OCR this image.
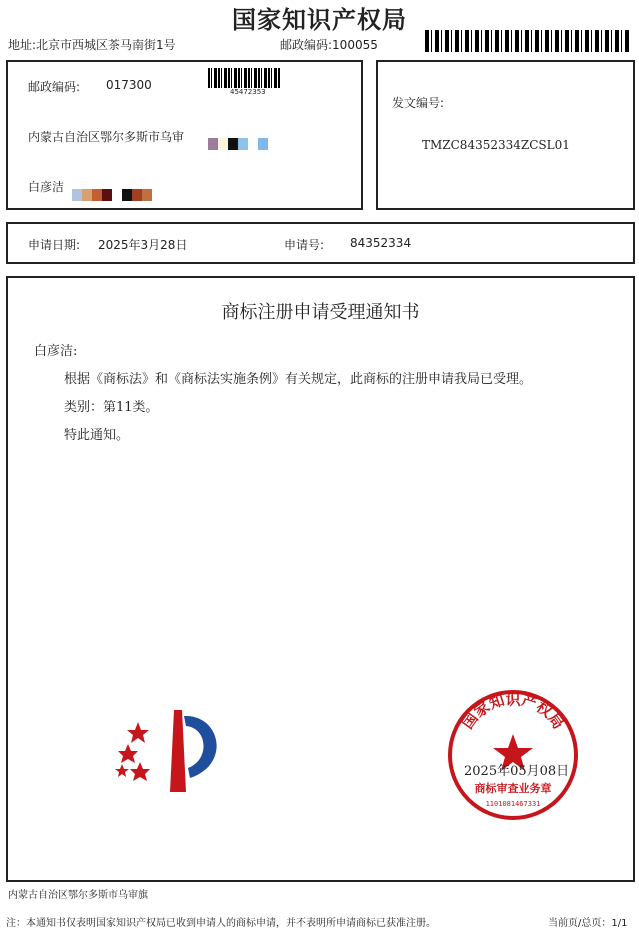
国家知识产权局
地址:北京市西城区茶马南街1号	邮政编码:100055
邮政编码: 017300	45472353
内蒙古自治区鄂尔多斯市乌审
白彦洁
发文编号:
TMZC84352334ZCSL01
申请日期: 2025年3月28日	申请号: 84352334
商标注册申请受理通知书
白彦洁:
根据《商标法》和《商标法实施条例》有关规定，此商标的注册申请我局已受理。
类别：第11类。
特此通知。
国家知识产权局
商标审查业务章
1101081467331
2025年05月08日
内蒙古自治区鄂尔多斯市乌审旗
注：本通知书仅表明国家知识产权局已收到申请人的商标申请，并不表明所申请商标已获准注册。	当前页/总页：1/1
